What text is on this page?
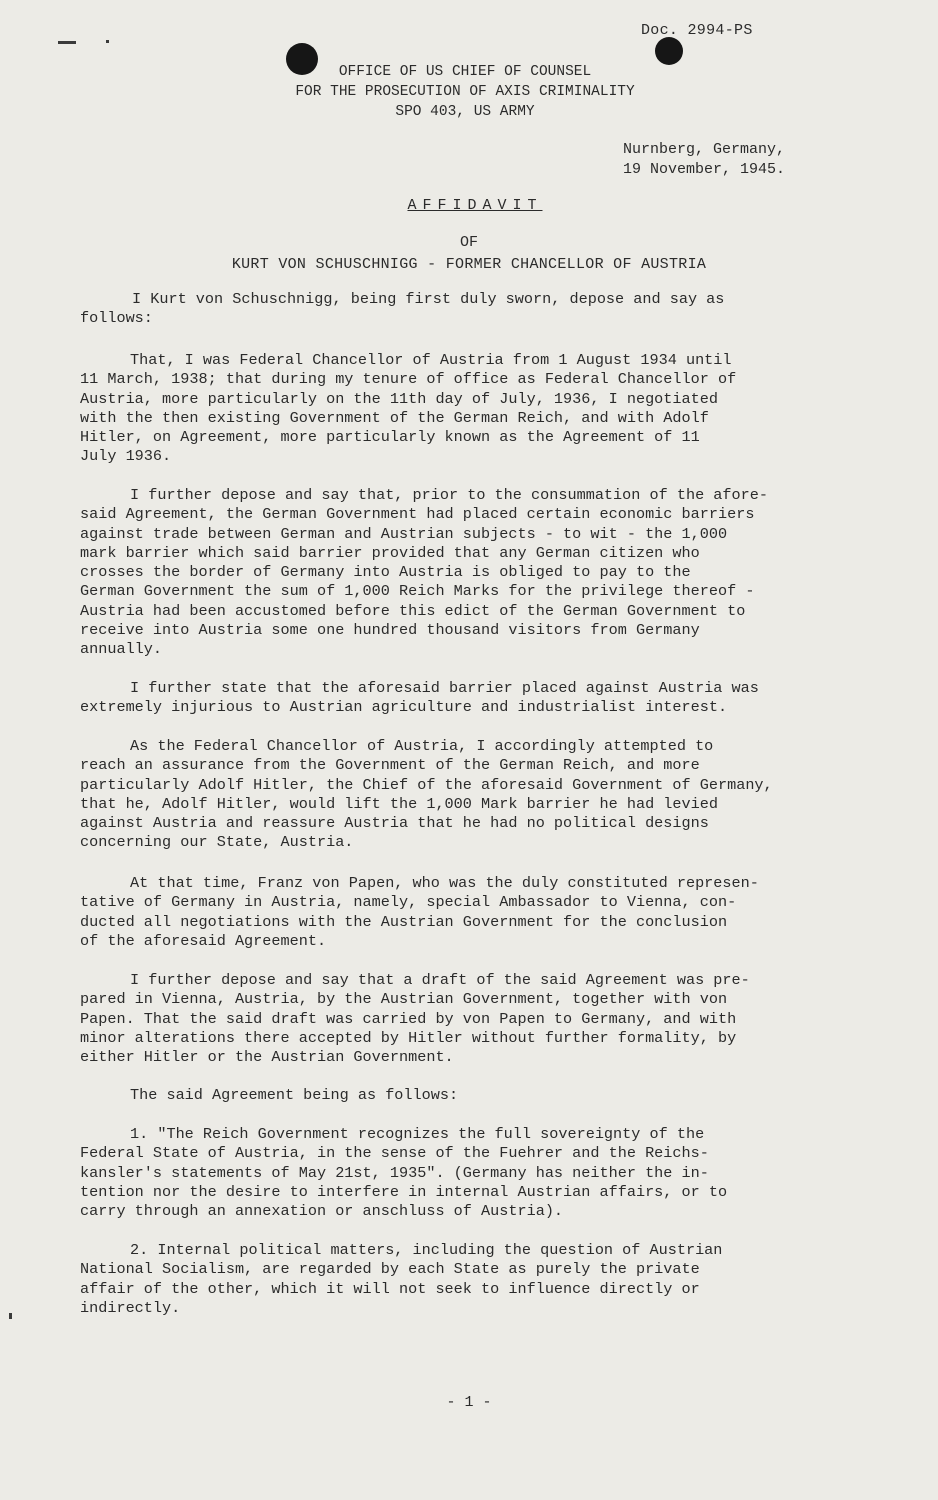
Doc. 2994-PS
OFFICE OF US CHIEF OF COUNSEL
FOR THE PROSECUTION OF AXIS CRIMINALITY
SPO 403, US ARMY
Nurnberg, Germany,
19 November, 1945.
AFFIDAVIT
OF
KURT VON SCHUSCHNIGG - FORMER CHANCELLOR OF AUSTRIA
I Kurt von Schuschnigg, being first duly sworn, depose and say as
follows:
That, I was Federal Chancellor of Austria from 1 August 1934 until
11 March, 1938; that during my tenure of office as Federal Chancellor of
Austria, more particularly on the 11th day of July, 1936, I negotiated
with the then existing Government of the German Reich, and with Adolf
Hitler, on Agreement, more particularly known as the Agreement of 11
July 1936.
I further depose and say that, prior to the consummation of the afore-
said Agreement, the German Government had placed certain economic barriers
against trade between German and Austrian subjects - to wit - the 1,000
mark barrier which said barrier provided that any German citizen who
crosses the border of Germany into Austria is obliged to pay to the
German Government the sum of 1,000 Reich Marks for the privilege thereof -
Austria had been accustomed before this edict of the German Government to
receive into Austria some one hundred thousand visitors from Germany
annually.
I further state that the aforesaid barrier placed against Austria was
extremely injurious to Austrian agriculture and industrialist interest.
As the Federal Chancellor of Austria, I accordingly attempted to
reach an assurance from the Government of the German Reich, and more
particularly Adolf Hitler, the Chief of the aforesaid Government of Germany,
that he, Adolf Hitler, would lift the 1,000 Mark barrier he had levied
against Austria and reassure Austria that he had no political designs
concerning our State, Austria.
At that time, Franz von Papen, who was the duly constituted represen-
tative of Germany in Austria, namely, special Ambassador to Vienna, con-
ducted all negotiations with the Austrian Government for the conclusion
of the aforesaid Agreement.
I further depose and say that a draft of the said Agreement was pre-
pared in Vienna, Austria, by the Austrian Government, together with von
Papen. That the said draft was carried by von Papen to Germany, and with
minor alterations there accepted by Hitler without further formality, by
either Hitler or the Austrian Government.
The said Agreement being as follows:
1. "The Reich Government recognizes the full sovereignty of the
Federal State of Austria, in the sense of the Fuehrer and the Reichs-
kansler's statements of May 21st, 1935". (Germany has neither the in-
tention nor the desire to interfere in internal Austrian affairs, or to
carry through an annexation or anschluss of Austria).
2. Internal political matters, including the question of Austrian
National Socialism, are regarded by each State as purely the private
affair of the other, which it will not seek to influence directly or
indirectly.
- 1 -
